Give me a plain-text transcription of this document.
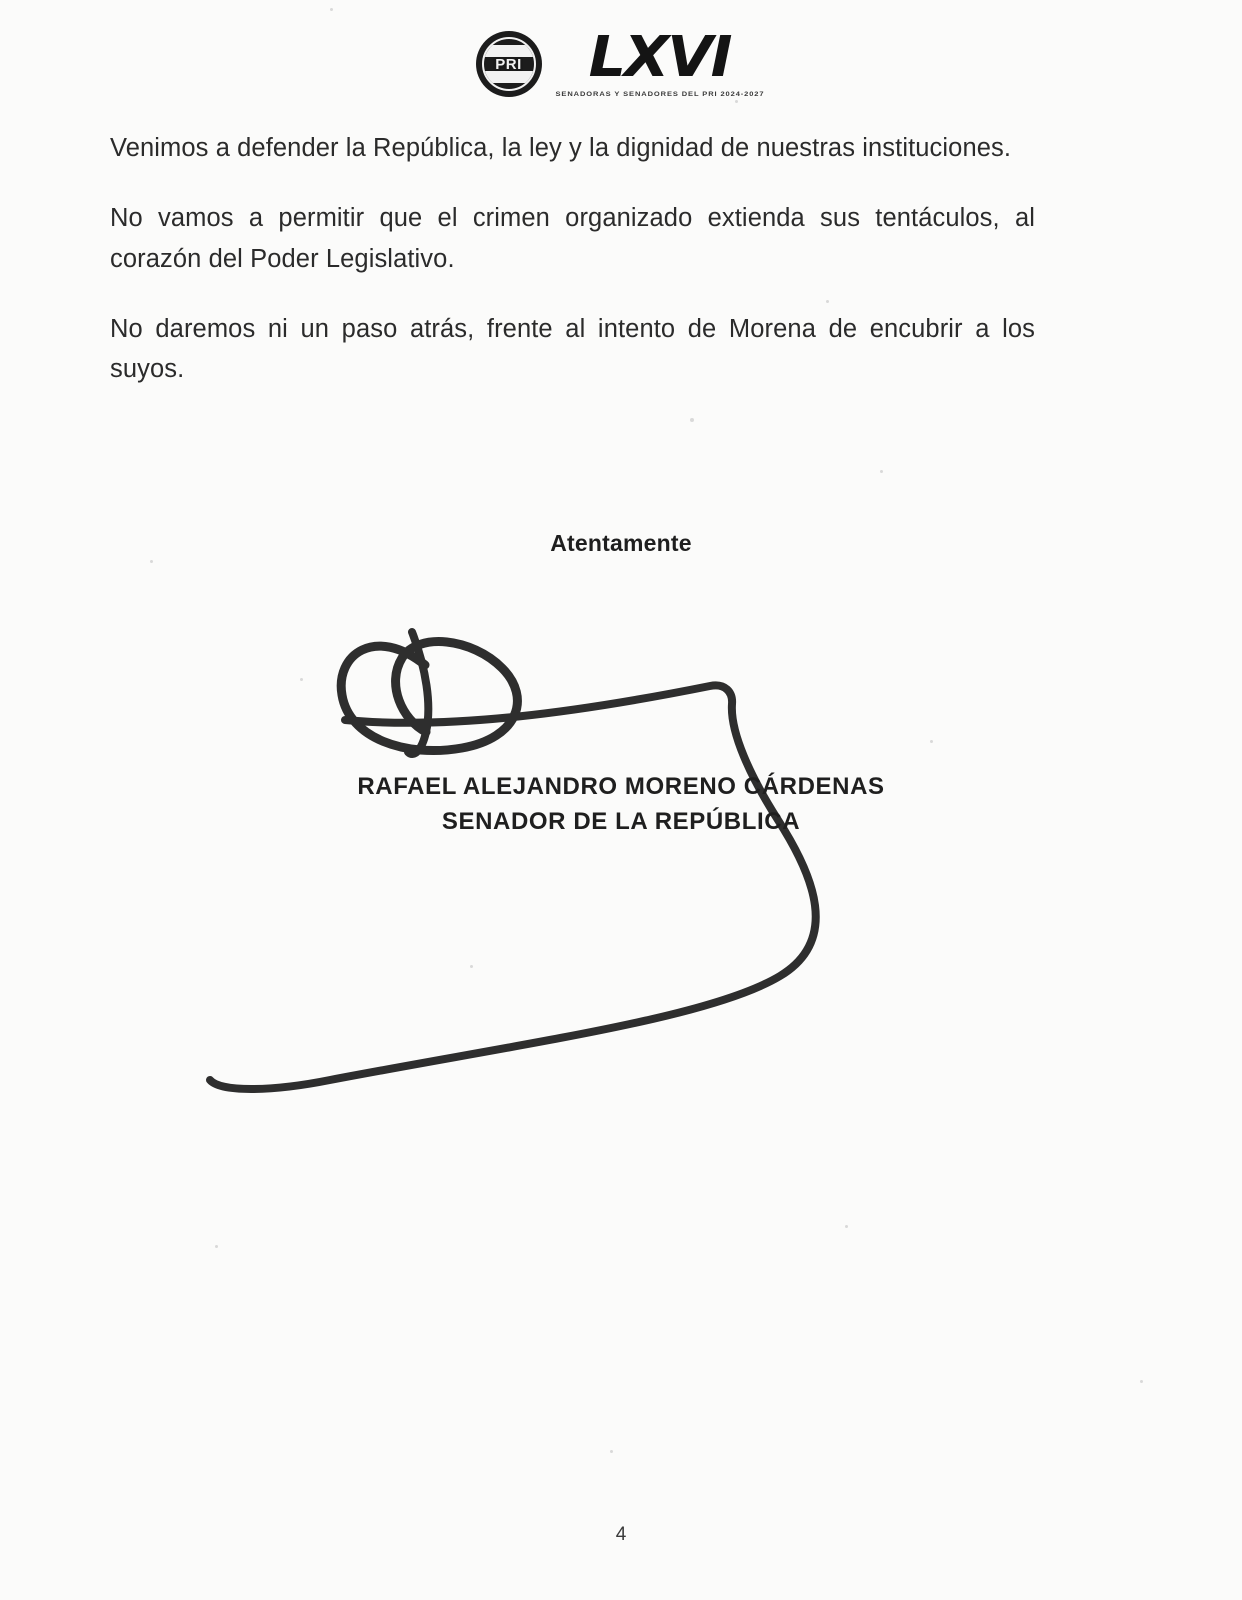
PRI LXVI
SENADORAS Y SENADORES DEL PRI 2024-2027

Venimos a defender la República, la ley y la dignidad de nuestras instituciones.

No vamos a permitir que el crimen organizado extienda sus tentáculos, al corazón del Poder Legislativo.

No daremos ni un paso atrás, frente al intento de Morena de encubrir a los suyos.

Atentamente
RAFAEL ALEJANDRO MORENO CÁRDENAS
SENADOR DE LA REPÚBLICA
4
